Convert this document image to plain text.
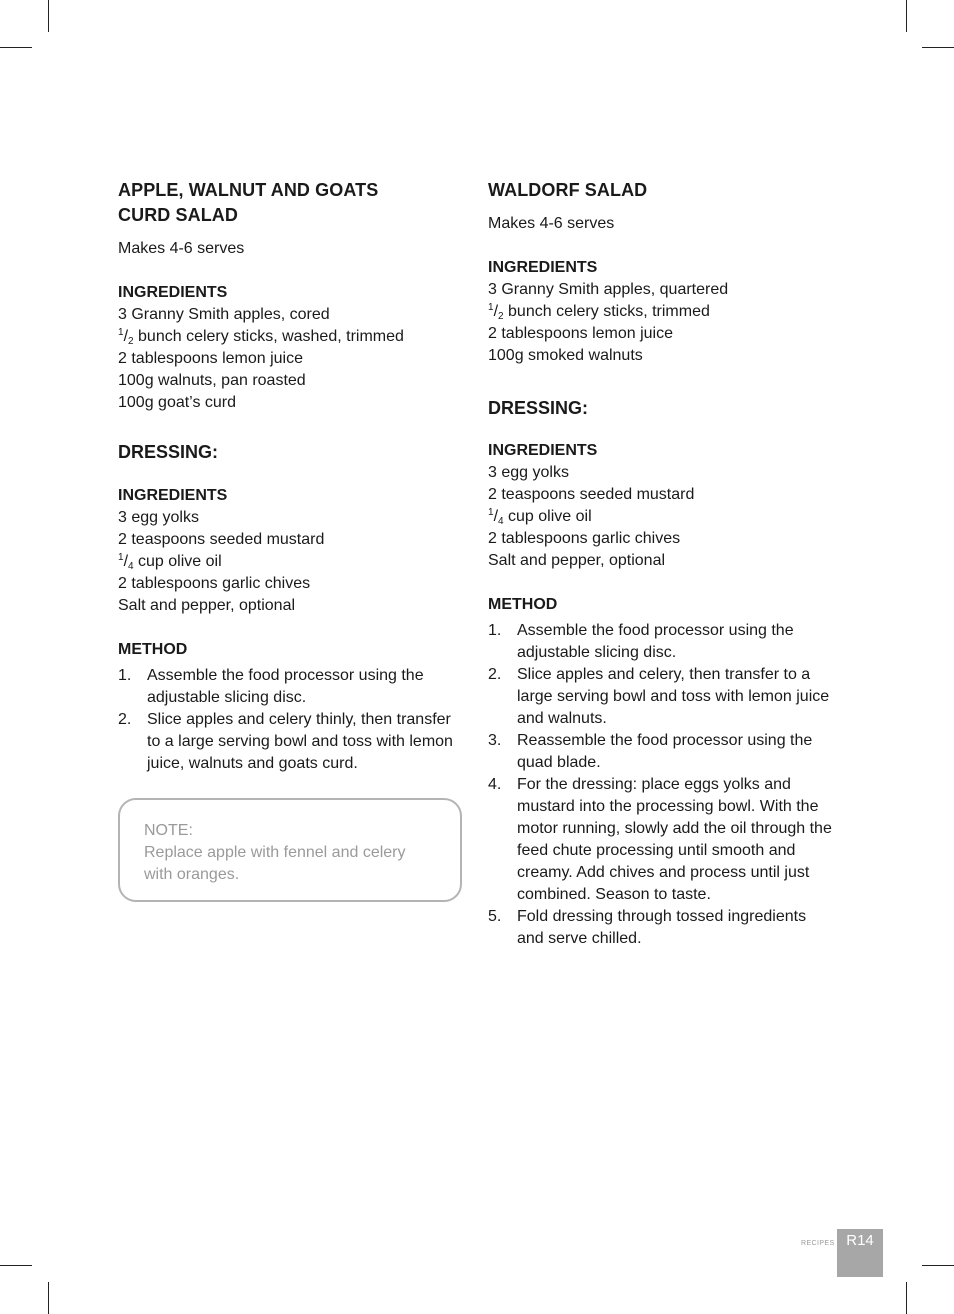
APPLE, WALNUT AND GOATS
CURD SALAD

Makes 4-6 serves

INGREDIENTS

3 Granny Smith apples, cored

$^1/_2$ bunch celery sticks, washed, trimmed

2 tablespoons lemon juice

100g walnuts, pan roasted

100g goat’s curd

DRESSING:

INGREDIENTS

3 egg yolks

2 teaspoons seeded mustard

$^1/_4$ cup olive oil

2 tablespoons garlic chives

Salt and pepper, optional

METHOD

1. Assemble the food processor using the adjustable slicing disc.
2. Slice apples and celery thinly, then transfer to a large serving bowl and toss with lemon juice, walnuts and goats curd.

NOTE:

Replace apple with fennel and celery with oranges.

WALDORF SALAD

Makes 4-6 serves

INGREDIENTS

3 Granny Smith apples, quartered

$^1/_2$ bunch celery sticks, trimmed

2 tablespoons lemon juice

100g smoked walnuts

DRESSING:

INGREDIENTS

3 egg yolks

2 teaspoons seeded mustard

$^1/_4$ cup olive oil

2 tablespoons garlic chives

Salt and pepper, optional

METHOD

1. Assemble the food processor using the adjustable slicing disc.
2. Slice apples and celery, then transfer to a large serving bowl and toss with lemon juice and walnuts.
3. Reassemble the food processor using the quad blade.
4. For the dressing: place eggs yolks and mustard into the processing bowl. With the motor running, slowly add the oil through the feed chute processing until smooth and creamy. Add chives and process until just combined. Season to taste.
5. Fold dressing through tossed ingredients and serve chilled.
RECIPES R14
